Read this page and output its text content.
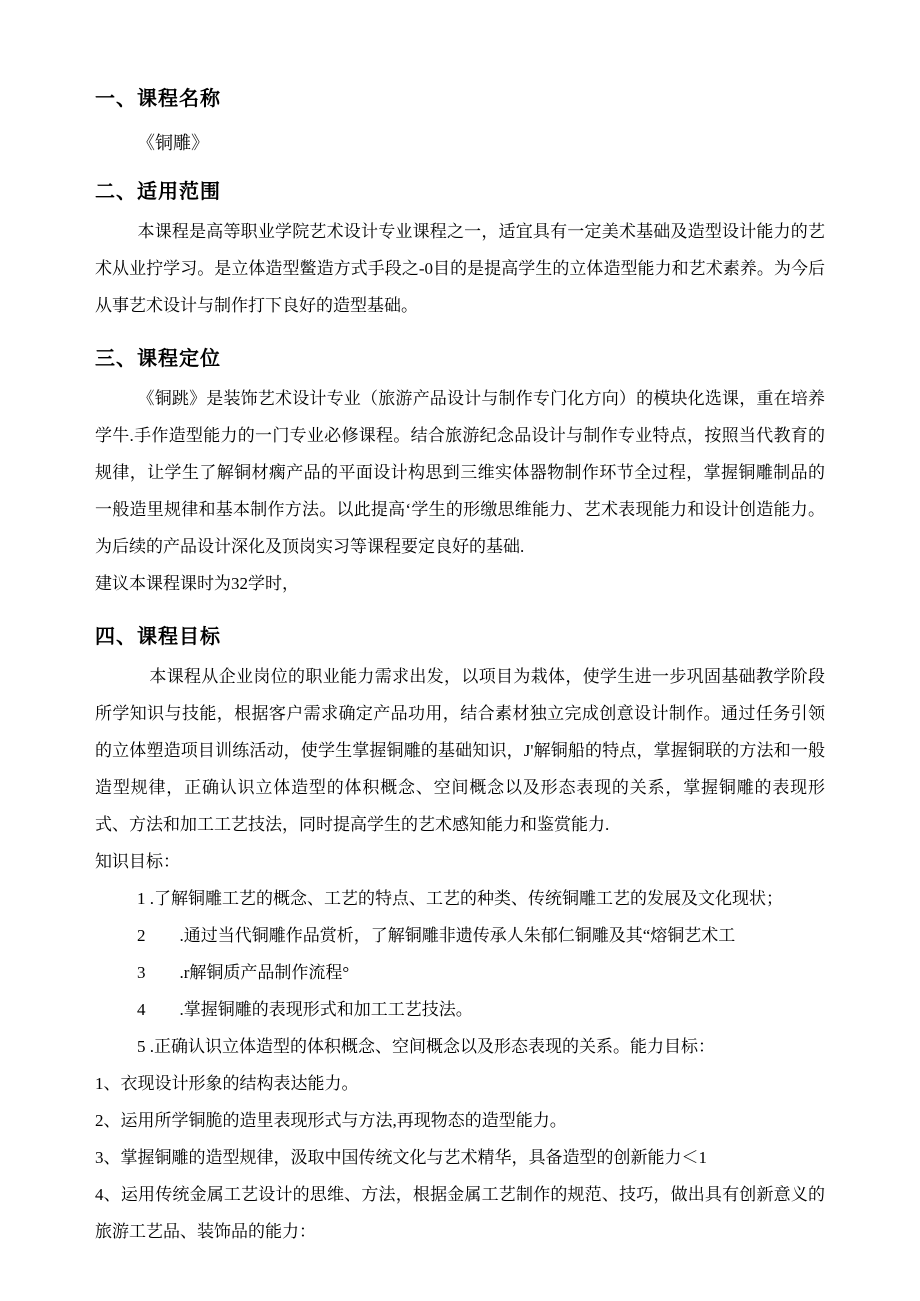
一、课程名称
《铜雕》
二、适用范围

本课程是高等职业学院艺术设计专业课程之一，适宜具有一定美术基础及造型设计能力的艺术从业拧学习。是立体造型鳖造方式手段之-0目的是提高学生的立体造型能力和艺术素养。为今后从事艺术设计与制作打下良好的造型基础。

三、课程定位

《铜跳》是装饰艺术设计专业（旅游产品设计与制作专门化方向）的模块化选课，重在培养学牛.手作造型能力的一门专业必修课程。结合旅游纪念品设计与制作专业特点，按照当代教育的规律，让学生了解铜材瘸产品的平面设计构思到三维实体器物制作环节全过程，掌握铜雕制品的一般造里规律和基本制作方法。以此提高‘学生的形缴思维能力、艺术表现能力和设计创造能力。为后续的产品设计深化及顶岗实习等课程要定良好的基础.

建议本课程课时为32学时，

四、课程目标

本课程从企业岗位的职业能力需求出发，以项目为栽体，使学生进一步巩固基础教学阶段所学知识与技能，根据客户需求确定产品功用，结合素材独立完成创意设计制作。通过任务引领的立体塑造项目训练活动，使学生掌握铜雕的基础知识，J'解铜船的特点，掌握铜联的方法和一般造型规律，正确认识立体造型的体积概念、空间概念以及形态表现的关系，掌握铜雕的表现形式、方法和加工工艺技法，同时提高学生的艺术感知能力和鉴赏能力.

知识目标：

1 .了解铜雕工艺的概念、工艺的特点、工艺的种类、传统铜雕工艺的发展及文化现状；

2　　.通过当代铜雕作品赏析，了解铜雕非遗传承人朱郁仁铜雕及其“熔铜艺术工

3　　.r解铜质产品制作流程°

4　　.掌握铜雕的表现形式和加工工艺技法。

5 .正确认识立体造型的体积概念、空间概念以及形态表现的关系。能力目标：

1、衣现设计形象的结构表达能力。

2、运用所学铜脆的造里表现形式与方法,再现物态的造型能力。

3、掌握铜雕的造型规律，汲取中国传统文化与艺术精华，具备造型的创新能力＜1

4、运用传统金属工艺设计的思维、方法，根据金属工艺制作的规范、技巧，做出具有创新意义的旅游工艺品、装饰品的能力：
